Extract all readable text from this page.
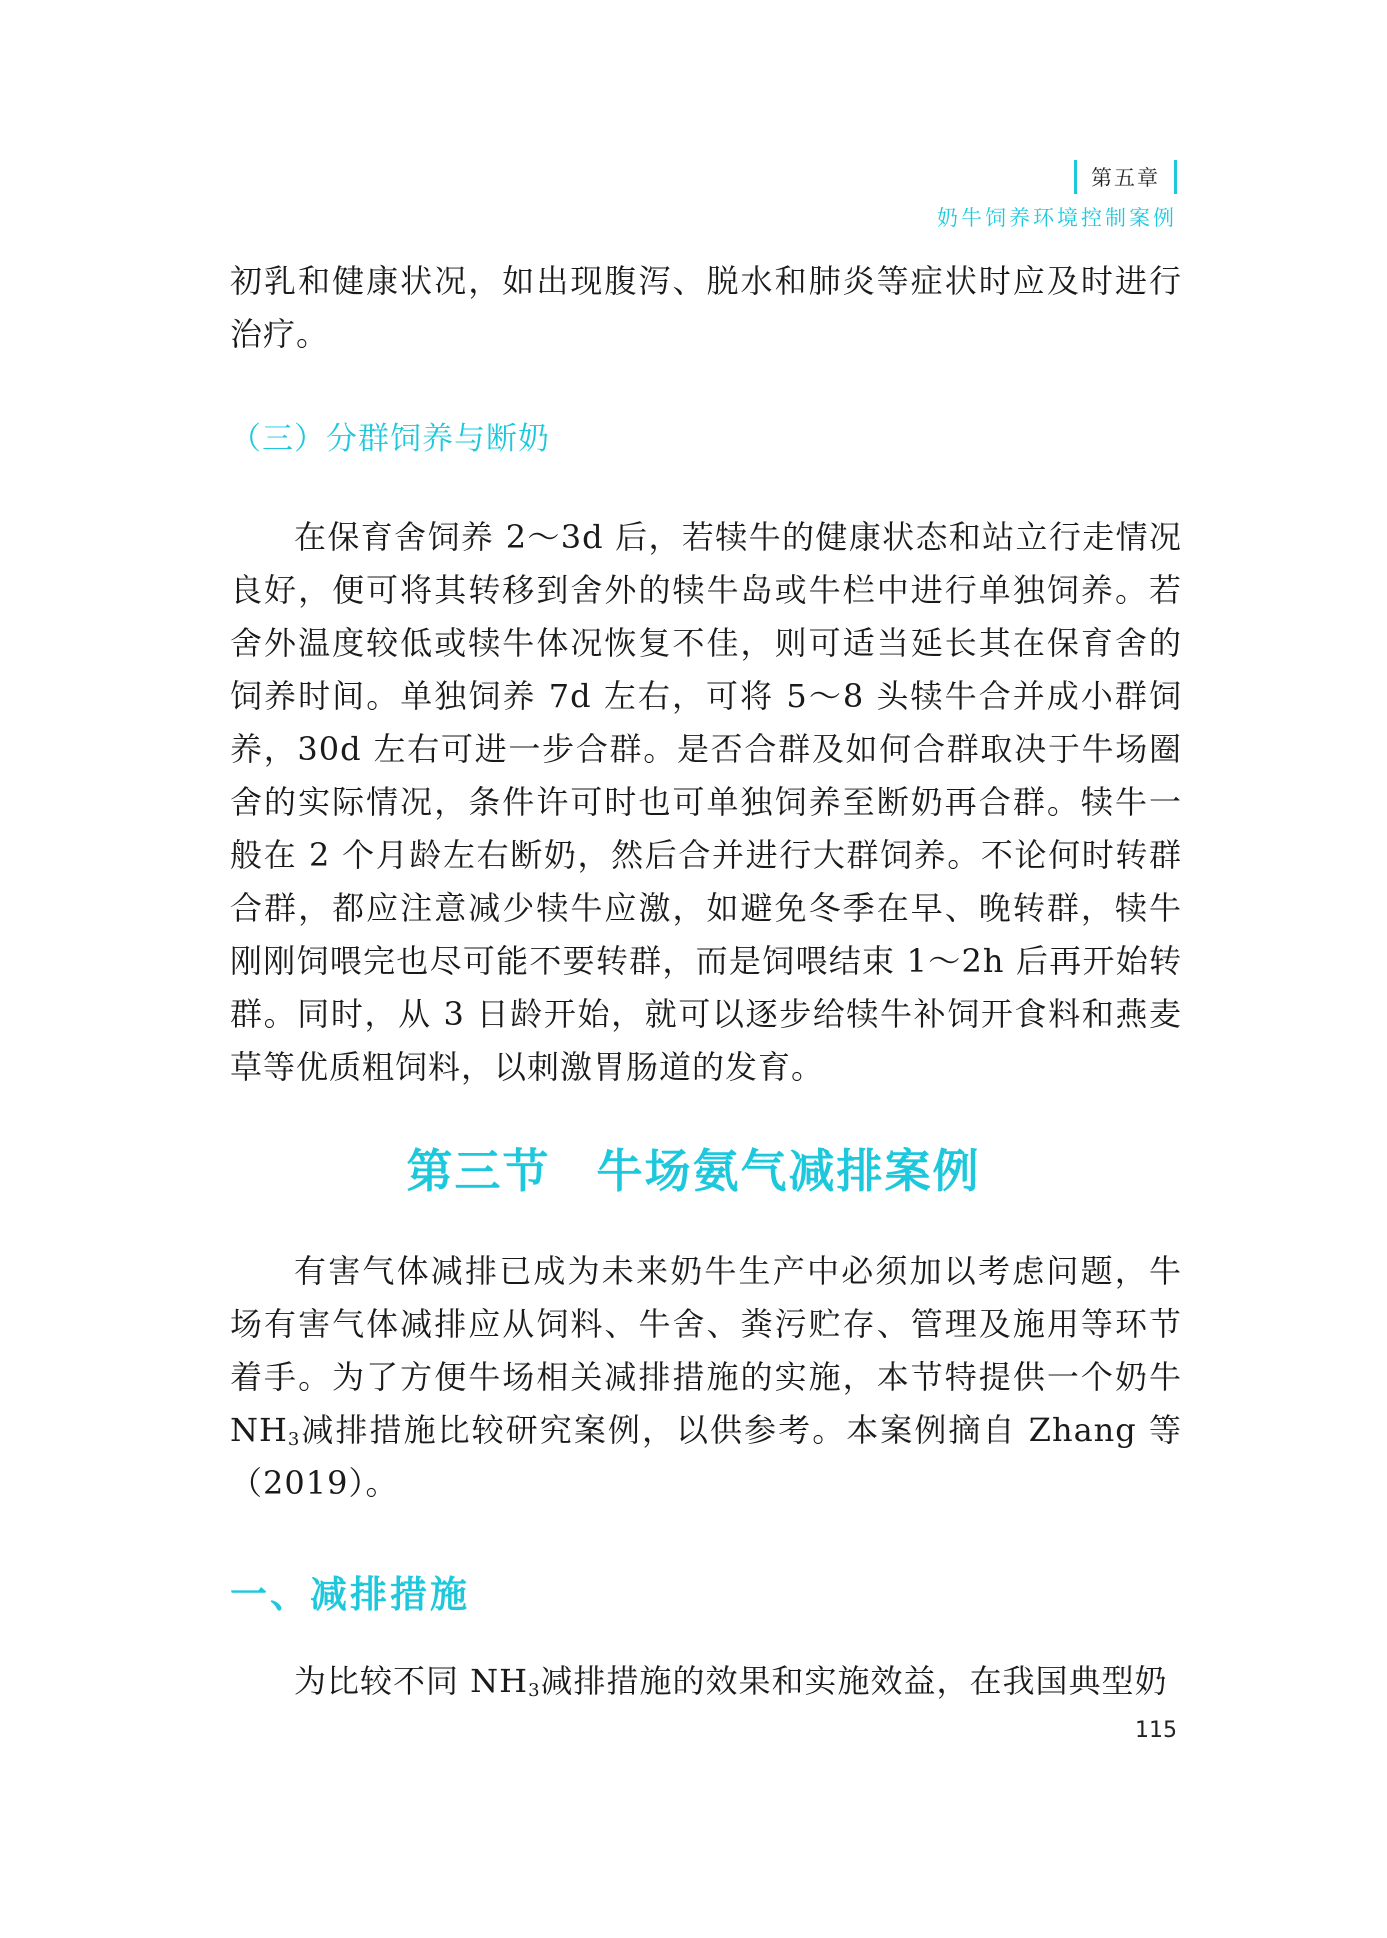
第五章
奶牛饲养环境控制案例

初乳和健康状况，如出现腹泻、脱水和肺炎等症状时应及时进行治疗。

（三）分群饲养与断奶

在保育舍饲养 2～3d 后，若犊牛的健康状态和站立行走情况良好，便可将其转移到舍外的犊牛岛或牛栏中进行单独饲养。若舍外温度较低或犊牛体况恢复不佳，则可适当延长其在保育舍的饲养时间。单独饲养 7d 左右，可将 5～8 头犊牛合并成小群饲养，30d 左右可进一步合群。是否合群及如何合群取决于牛场圈舍的实际情况，条件许可时也可单独饲养至断奶再合群。犊牛一般在 2 个月龄左右断奶，然后合并进行大群饲养。不论何时转群合群，都应注意减少犊牛应激，如避免冬季在早、晚转群，犊牛刚刚饲喂完也尽可能不要转群，而是饲喂结束 1～2h 后再开始转群。同时，从 3 日龄开始，就可以逐步给犊牛补饲开食料和燕麦草等优质粗饲料，以刺激胃肠道的发育。

第三节 牛场氨气减排案例

有害气体减排已成为未来奶牛生产中必须加以考虑问题，牛场有害气体减排应从饲料、牛舍、粪污贮存、管理及施用等环节着手。为了方便牛场相关减排措施的实施，本节特提供一个奶牛 $NH_3$减排措施比较研究案例，以供参考。本案例摘自 Zhang 等（2019）。

一、减排措施

为比较不同 $NH_3$减排措施的效果和实施效益，在我国典型奶

115
